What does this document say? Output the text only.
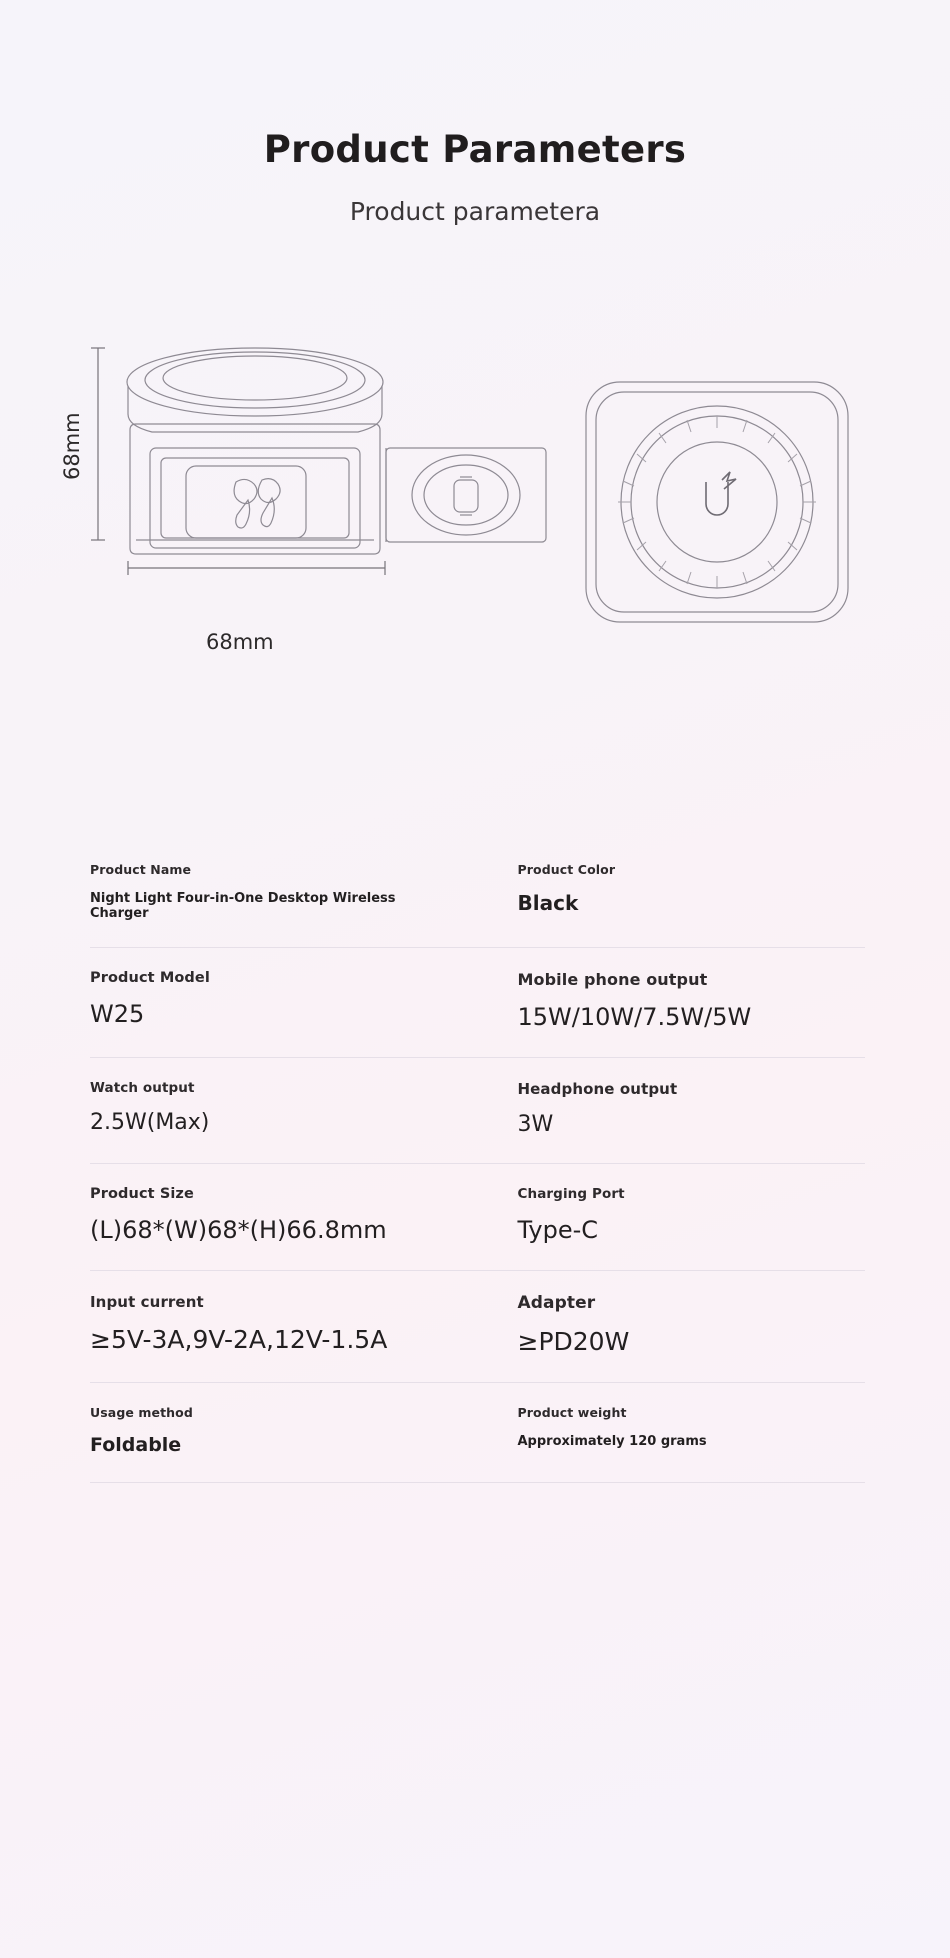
Product Parameters
Product parametera
68mm
68mm
Product Name
Night Light Four-in-One Desktop Wireless Charger
Product Color
Black
Product Model
W25
Mobile phone output
15W/10W/7.5W/5W
Watch output
2.5W(Max)
Headphone output
3W
Product Size
(L)68*(W)68*(H)66.8mm
Charging Port
Type-C
Input current
≥5V-3A,9V-2A,12V-1.5A
Adapter
≥PD20W
Usage method
Foldable
Product weight
Approximately 120 grams
